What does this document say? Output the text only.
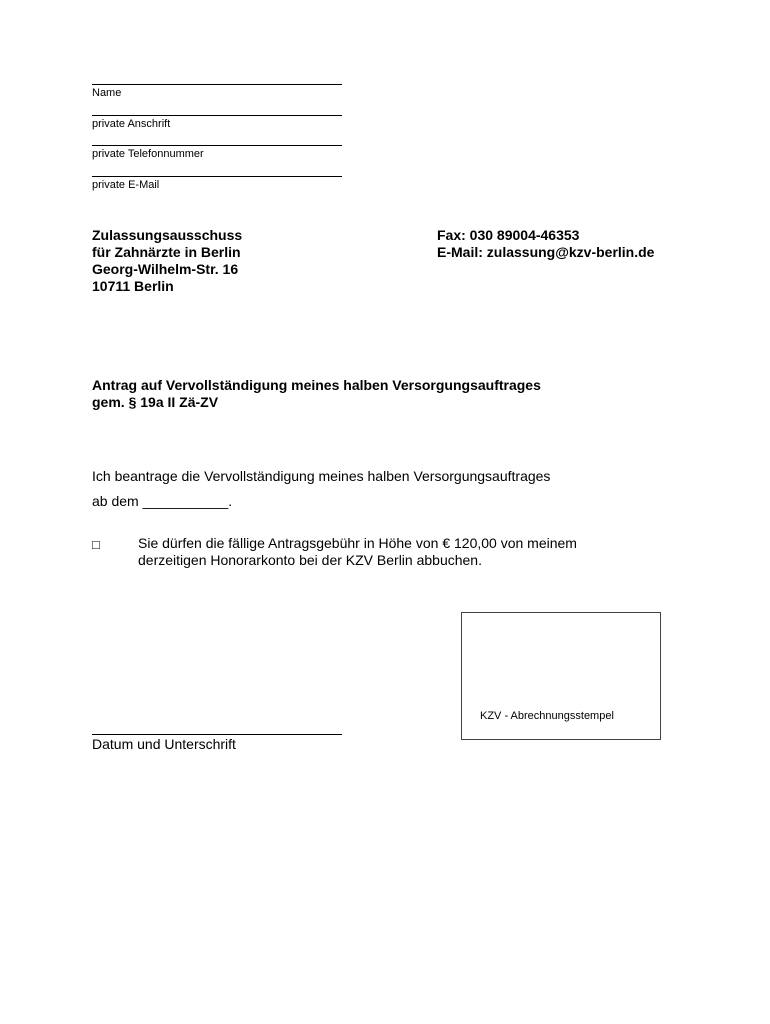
Name
private Anschrift
private Telefonnummer
private E-Mail
Zulassungsausschuss
für Zahnärzte in Berlin
Georg-Wilhelm-Str. 16
10711 Berlin
Fax: 030 89004-46353
E-Mail: zulassung@kzv-berlin.de
Antrag auf Vervollständigung meines halben Versorgungsauftrages
gem. § 19a II Zä-ZV
Ich beantrage die Vervollständigung meines halben Versorgungsauftrages
ab dem ___________.
□	Sie dürfen die fällige Antragsgebühr in Höhe von € 120,00 von meinem
derzeitigen Honorarkonto bei der KZV Berlin abbuchen.
KZV - Abrechnungsstempel
Datum und Unterschrift
